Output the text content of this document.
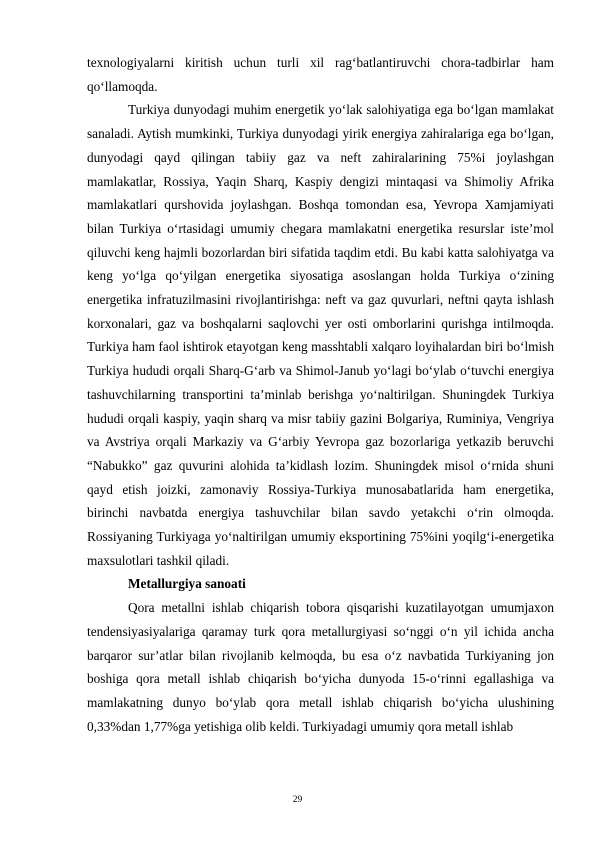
texnologiyalarni kiritish uchun turli xil rag‘batlantiruvchi chora-tadbirlar ham qo‘llamoqda.

Turkiya dunyodagi muhim energetik yo‘lak salohiyatiga ega bo‘lgan mamlakat sanaladi. Aytish mumkinki, Turkiya dunyodagi yirik energiya zahiralariga ega bo‘lgan, dunyodagi qayd qilingan tabiiy gaz va neft zahiralarining 75%i joylashgan mamlakatlar, Rossiya, Yaqin Sharq, Kaspiy dengizi mintaqasi va Shimoliy Afrika mamlakatlari qurshovida joylashgan. Boshqa tomondan esa, Yevropa Xamjamiyati bilan Turkiya o‘rtasidagi umumiy chegara mamlakatni energetika resurslar iste’mol qiluvchi keng hajmli bozorlardan biri sifatida taqdim etdi. Bu kabi katta salohiyatga va keng yo‘lga qo‘yilgan energetika siyosatiga asoslangan holda Turkiya o‘zining energetika infratuzilmasini rivojlantirishga: neft va gaz quvurlari, neftni qayta ishlash korxonalari, gaz va boshqalarni saqlovchi yer osti omborlarini qurishga intilmoqda. Turkiya ham faol ishtirok etayotgan keng masshtabli xalqaro loyihalardan biri bo‘lmish Turkiya hududi orqali Sharq-G‘arb va Shimol-Janub yo‘lagi bo‘ylab o‘tuvchi energiya tashuvchilarning transportini ta’minlab berishga yo‘naltirilgan. Shuningdek Turkiya hududi orqali kaspiy, yaqin sharq va misr tabiiy gazini Bolgariya, Ruminiya, Vengriya va Avstriya orqali Markaziy va G‘arbiy Yevropa gaz bozorlariga yetkazib beruvchi “Nabukko” gaz quvurini alohida ta’kidlash lozim. Shuningdek misol o‘rnida shuni qayd etish joizki, zamonaviy Rossiya-Turkiya munosabatlarida ham energetika, birinchi navbatda energiya tashuvchilar bilan savdo yetakchi o‘rin olmoqda. Rossiyaning Turkiyaga yo‘naltirilgan umumiy eksportining 75%ini yoqilg‘i-energetika maxsulotlari tashkil qiladi.

Metallurgiya sanoati

Qora metallni ishlab chiqarish tobora qisqarishi kuzatilayotgan umumjaxon tendensiyasiyalariga qaramay turk qora metallurgiyasi so‘nggi o‘n yil ichida ancha barqaror sur’atlar bilan rivojlanib kelmoqda, bu esa o‘z navbatida Turkiyaning jon boshiga qora metall ishlab chiqarish bo‘yicha dunyoda 15-o‘rinni egallashiga va mamlakatning dunyo bo‘ylab qora metall ishlab chiqarish bo‘yicha ulushining 0,33%dan 1,77%ga yetishiga olib keldi. Turkiyadagi umumiy qora metall ishlab

29
